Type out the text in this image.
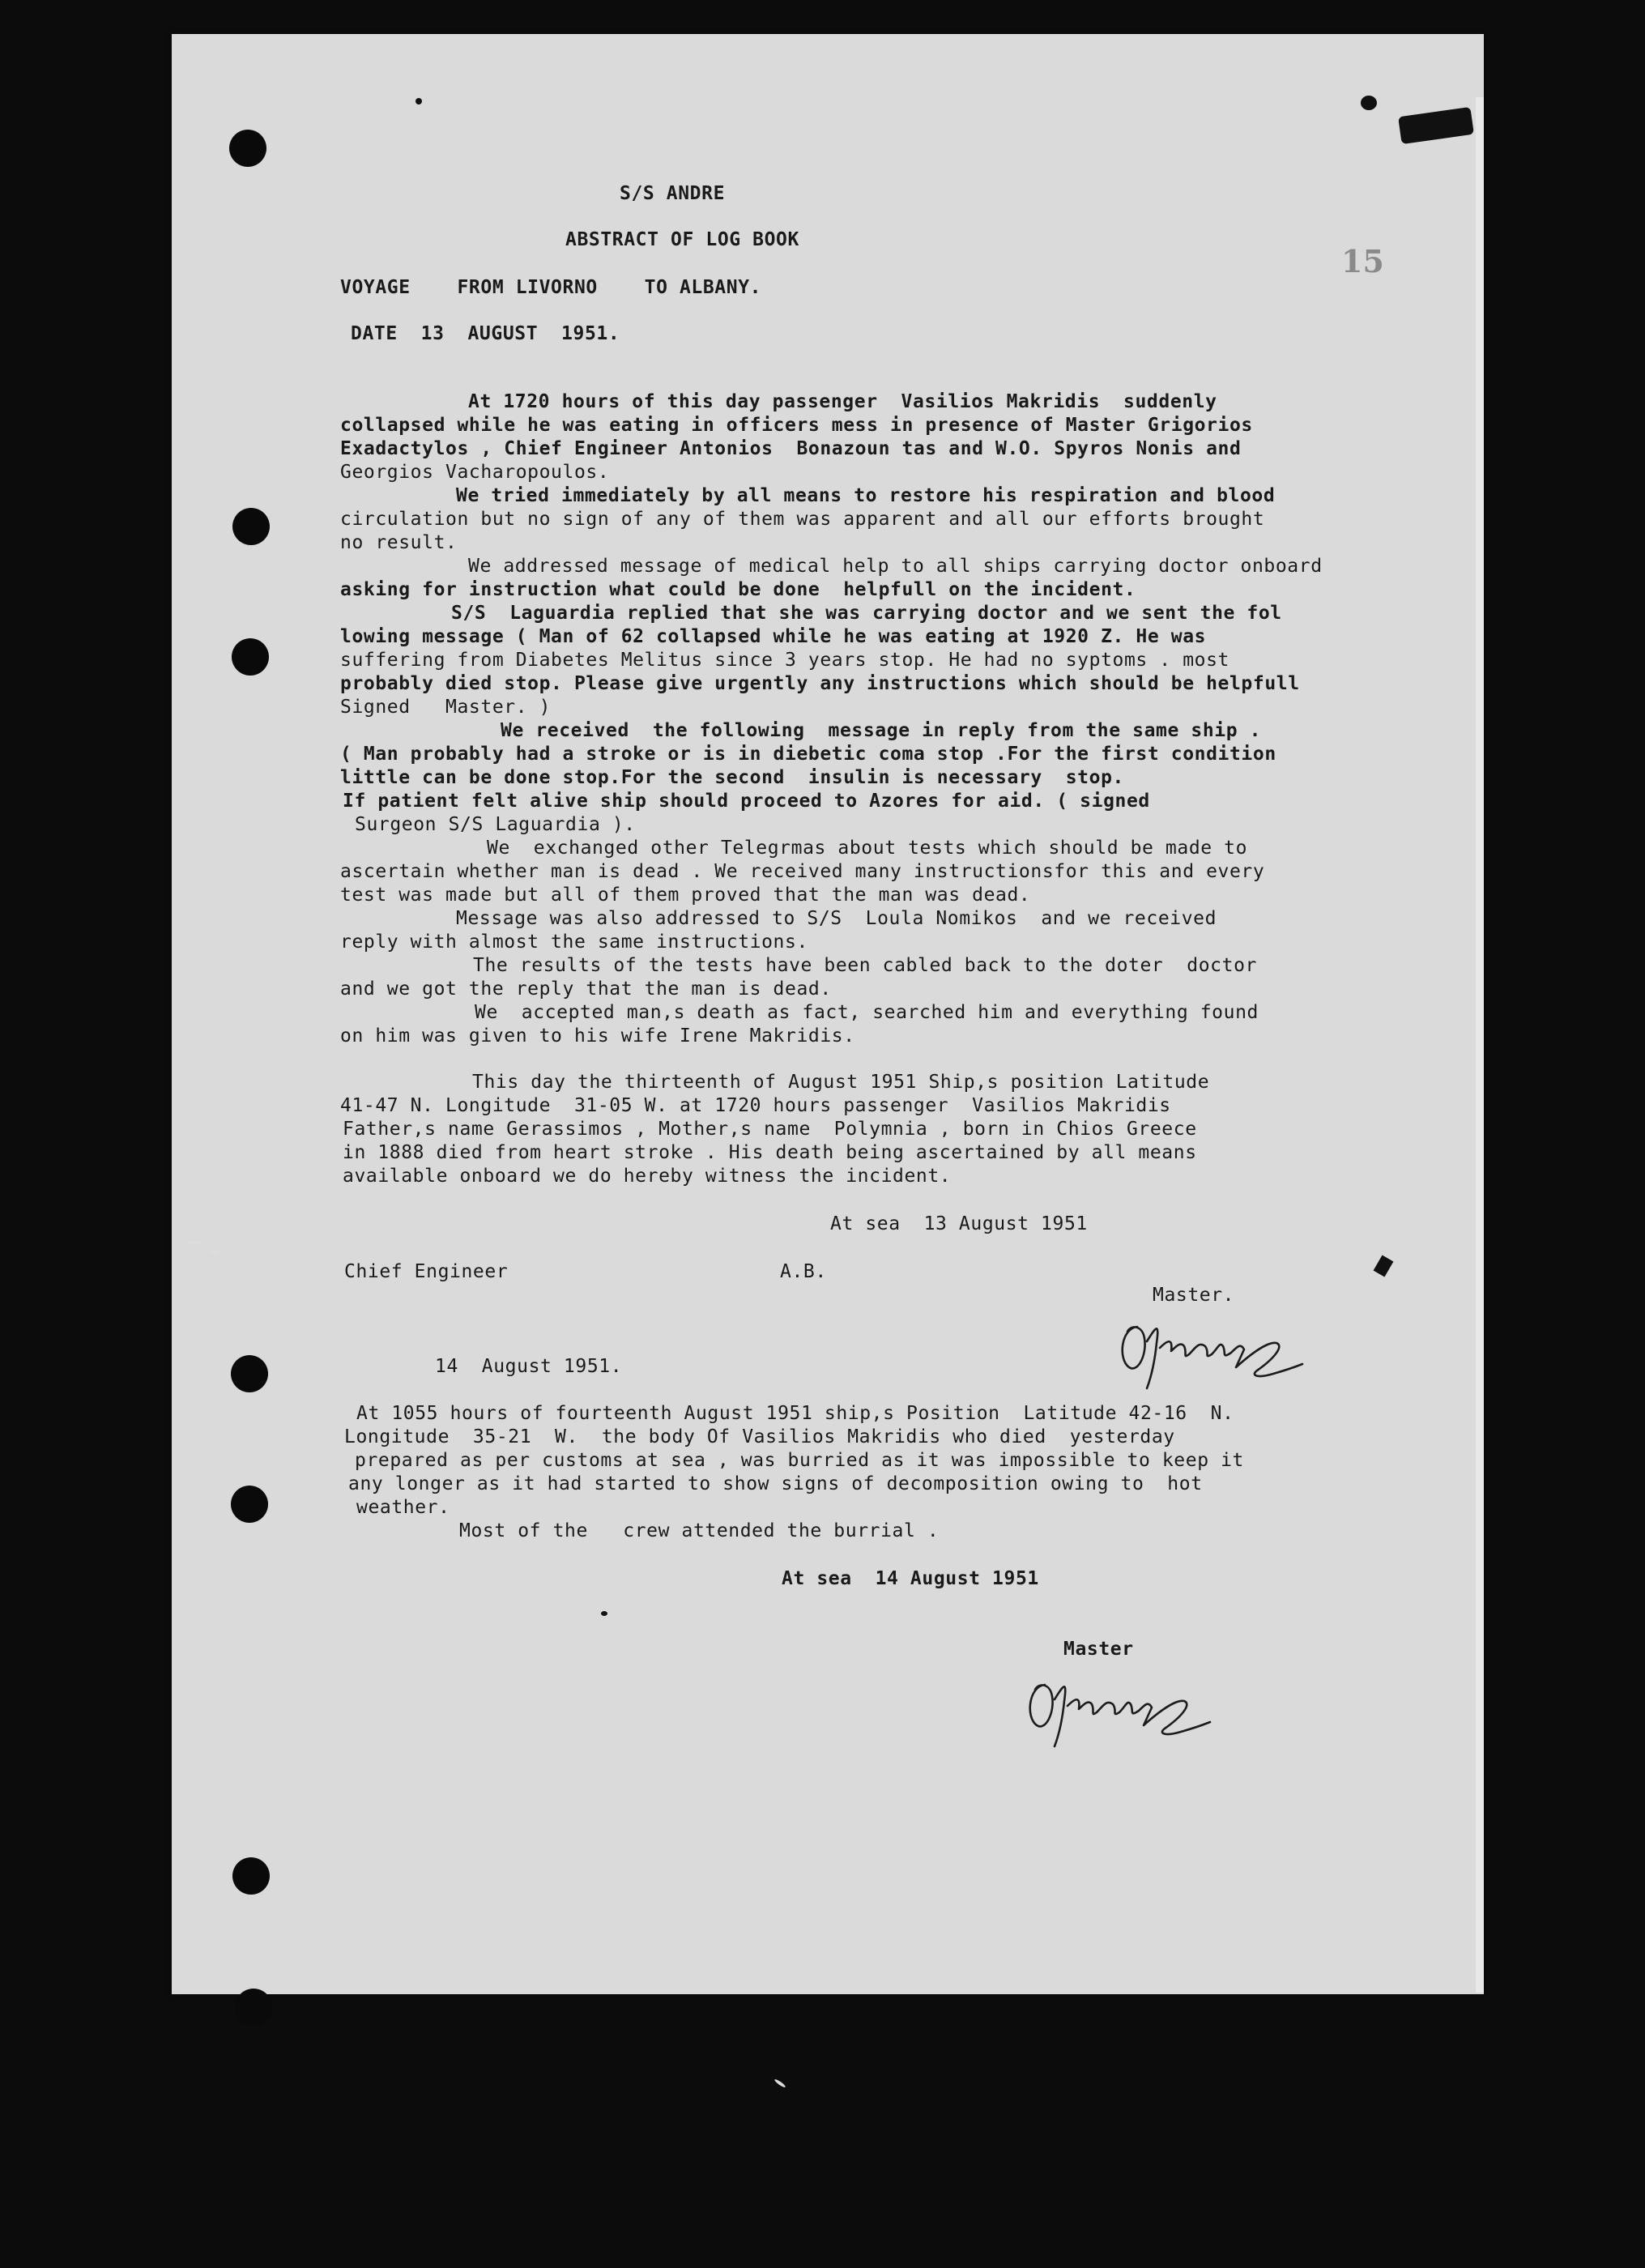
15
S/S ANDRE
ABSTRACT OF LOG BOOK
VOYAGE    FROM LIVORNO    TO ALBANY.
DATE  13  AUGUST  1951.
At 1720 hours of this day passenger  Vasilios Makridis  suddenly
collapsed while he was eating in officers mess in presence of Master Grigorios
Exadactylos , Chief Engineer Antonios  Bonazoun tas and W.O. Spyros Nonis and
Georgios Vacharopoulos.
We tried immediately by all means to restore his respiration and blood
circulation but no sign of any of them was apparent and all our efforts brought
no result.
We addressed message of medical help to all ships carrying doctor onboard
asking for instruction what could be done  helpfull on the incident.
S/S  Laguardia replied that she was carrying doctor and we sent the fol
lowing message ( Man of 62 collapsed while he was eating at 1920 Z. He was
suffering from Diabetes Melitus since 3 years stop. He had no syptoms . most
probably died stop. Please give urgently any instructions which should be helpfull
Signed   Master. )
We received  the following  message in reply from the same ship .
( Man probably had a stroke or is in diebetic coma stop .For the first condition
little can be done stop.For the second  insulin is necessary  stop.
If patient felt alive ship should proceed to Azores for aid. ( signed
Surgeon S/S Laguardia ).
We  exchanged other Telegrmas about tests which should be made to
ascertain whether man is dead . We received many instructionsfor this and every
test was made but all of them proved that the man was dead.
Message was also addressed to S/S  Loula Nomikos  and we received
reply with almost the same instructions.
The results of the tests have been cabled back to the doter  doctor
and we got the reply that the man is dead.
We  accepted man,s death as fact, searched him and everything found
on him was given to his wife Irene Makridis.
This day the thirteenth of August 1951 Ship,s position Latitude
41-47 N. Longitude  31-05 W. at 1720 hours passenger  Vasilios Makridis
Father,s name Gerassimos , Mother,s name  Polymnia , born in Chios Greece
in 1888 died from heart stroke . His death being ascertained by all means
available onboard we do hereby witness the incident.
At sea  13 August 1951
Chief Engineer	A.B.
Master.
14  August 1951.
At 1055 hours of fourteenth August 1951 ship,s Position  Latitude 42-16  N.
Longitude  35-21  W.  the body Of Vasilios Makridis who died  yesterday
prepared as per customs at sea , was burried as it was impossible to keep it
any longer as it had started to show signs of decomposition owing to  hot
weather.
Most of the   crew attended the burrial .
At sea  14 August 1951
Master
